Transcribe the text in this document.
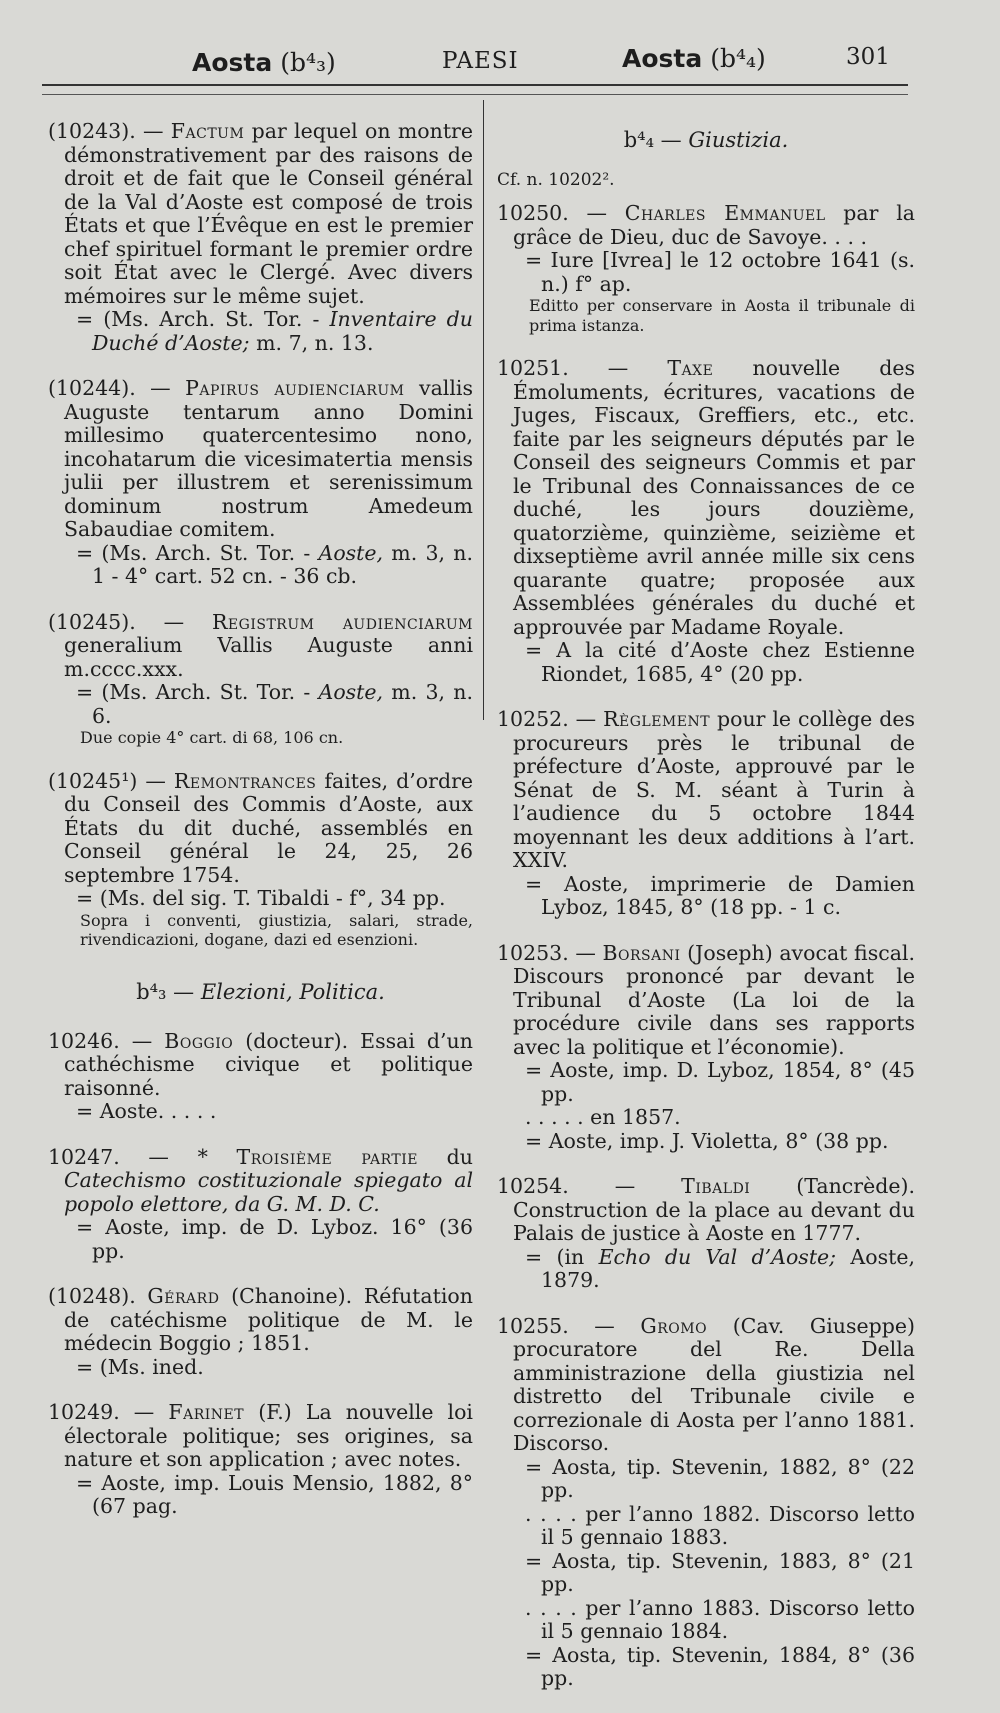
Aosta (b⁴₃)	PAESI	Aosta (b⁴₄)	301

(10243). — Factum par lequel on montre démonstrativement par des raisons de droit et de fait que le Conseil général de la Val d’Aoste est composé de trois États et que l’Évêque en est le premier chef spirituel formant le premier ordre soit État avec le Clergé. Avec divers mémoires sur le même sujet.

= (Ms. Arch. St. Tor. - Inventaire du Duché d’Aoste; m. 7, n. 13.

(10244). — Papirus audienciarum vallis Auguste tentarum anno Domini millesimo quatercentesimo nono, incohatarum die vicesimatertia mensis julii per illustrem et serenissimum dominum nostrum Amedeum Sabaudiae comitem.

= (Ms. Arch. St. Tor. - Aoste, m. 3, n. 1 - 4° cart. 52 cn. - 36 cb.

(10245). — Registrum audienciarum generalium Vallis Auguste anni m.cccc.xxx.

= (Ms. Arch. St. Tor. - Aoste, m. 3, n. 6.

Due copie 4° cart. di 68, 106 cn.

(10245¹) — Remontrances faites, d’ordre du Conseil des Commis d’Aoste, aux États du dit duché, assemblés en Conseil général le 24, 25, 26 septembre 1754.

= (Ms. del sig. T. Tibaldi - f°, 34 pp.

Sopra i conventi, giustizia, salari, strade, rivendicazioni, dogane, dazi ed esenzioni.

b⁴₃ — Elezioni, Politica.

10246. — Boggio (docteur). Essai d’un cathéchisme civique et politique raisonné.

= Aoste. . . . .

10247. — * Troisième partie du Catechismo costituzionale spiegato al popolo elettore, da G. M. D. C.

= Aoste, imp. de D. Lyboz. 16° (36 pp.

(10248). Gérard (Chanoine). Réfutation de catéchisme politique de M. le médecin Boggio ; 1851.

= (Ms. ined.

10249. — Farinet (F.) La nouvelle loi électorale politique; ses origines, sa nature et son application ; avec notes.

= Aoste, imp. Louis Mensio, 1882, 8° (67 pag.

b⁴₄ — Giustizia.

Cf. n. 10202².

10250. — Charles Emmanuel par la grâce de Dieu, duc de Savoye. . . .

= Iure [Ivrea] le 12 octobre 1641 (s. n.) f° ap.

Editto per conservare in Aosta il tribunale di prima istanza.

10251. — Taxe nouvelle des Émoluments, écritures, vacations de Juges, Fiscaux, Greffiers, etc., etc. faite par les seigneurs députés par le Conseil des seigneurs Commis et par le Tribunal des Connaissances de ce duché, les jours douzième, quatorzième, quinzième, seizième et dixseptième avril année mille six cens quarante quatre; proposée aux Assemblées générales du duché et approuvée par Madame Royale.

= A la cité d’Aoste chez Estienne Riondet, 1685, 4° (20 pp.

10252. — Règlement pour le collège des procureurs près le tribunal de préfecture d’Aoste, approuvé par le Sénat de S. M. séant à Turin à l’audience du 5 octobre 1844 moyennant les deux additions à l’art. XXIV.

= Aoste, imprimerie de Damien Lyboz, 1845, 8° (18 pp. - 1 c.

10253. — Borsani (Joseph) avocat fiscal. Discours prononcé par devant le Tribunal d’Aoste (La loi de la procédure civile dans ses rapports avec la politique et l’économie).

= Aoste, imp. D. Lyboz, 1854, 8° (45 pp.

. . . . . en 1857.

= Aoste, imp. J. Violetta, 8° (38 pp.

10254. — Tibaldi (Tancrède). Construction de la place au devant du Palais de justice à Aoste en 1777.

= (in Echo du Val d’Aoste; Aoste, 1879.

10255. — Gromo (Cav. Giuseppe) procuratore del Re. Della amministrazione della giustizia nel distretto del Tribunale civile e correzionale di Aosta per l’anno 1881. Discorso.

= Aosta, tip. Stevenin, 1882, 8° (22 pp.

. . . . per l’anno 1882. Discorso letto il 5 gennaio 1883.

= Aosta, tip. Stevenin, 1883, 8° (21 pp.

. . . . per l’anno 1883. Discorso letto il 5 gennaio 1884.

= Aosta, tip. Stevenin, 1884, 8° (36 pp.
